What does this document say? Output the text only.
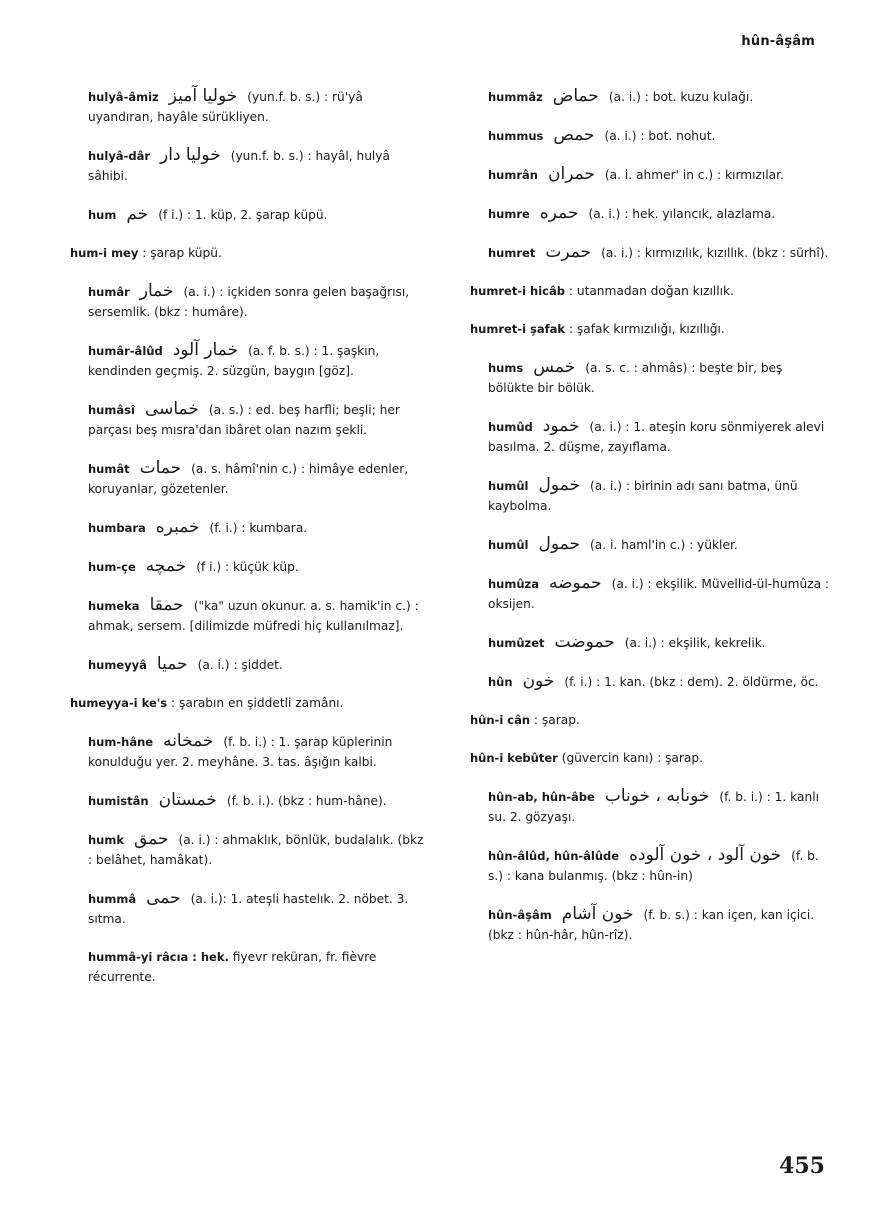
hûn-âşâm
hulyâ-âmiz خوليا آميز (yun.f. b. s.) : rü'yâ uyandıran, hayâle sürükliyen.
hulyâ-dâr خوليا دار (yun.f. b. s.) : hayâl, hulyâ sâhibi.
hum خم (f i.) : 1. küp, 2. şarap küpü.
hum-i mey : şarap küpü.
humâr خمار (a. i.) : içkiden sonra gelen başağrısı, sersemlik. (bkz : humâre).
humâr-âlûd خمار آلود (a. f. b. s.) : 1. şaşkın, kendinden geçmiş. 2. süzgün, baygın [göz].
humâsî خماسى (a. s.) : ed. beş harfli; beşli; her parçası beş mısra'dan ibâret olan nazım şekli.
humât حمات (a. s. hâmî'nin c.) : himâye edenler, koruyanlar, gözetenler.
humbara خمبره (f. i.) : kumbara.
hum-çe خمچه (f i.) : küçük küp.
humeka حمقا ("ka" uzun okunur. a. s. hamik'in c.) : ahmak, sersem. [dilimizde müfredi hiç kullanılmaz].
humeyyâ حميا (a. i.) : şiddet.
humeyya-i ke's : şarabın en şiddetli zamânı.
hum-hâne خمخانه (f. b. i.) : 1. şarap küplerinin konulduğu yer. 2. meyhâne. 3. tas. âşığın kalbi.
humistân خمستان (f. b. i.). (bkz : hum-hâne).
humk حمق (a. i.) : ahmaklık, bönlük, budalalık. (bkz : belâhet, hamâkat).
hummâ حمى (a. i.): 1. ateşli hastelık. 2. nöbet. 3. sıtma.
hummâ-yi râcıa : hek. fiyevr reküran, fr. fièvre récurrente.
hummâz حماض (a. i.) : bot. kuzu kulağı.
hummus حمص (a. i.) : bot. nohut.
humrân حمران (a. i. ahmer' in c.) : kırmızılar.
humre حمره (a. i.) : hek. yılancık, alazlama.
humret حمرت (a. i.) : kırmızılık, kızıllık. (bkz : sürhî).
humret-i hicâb : utanmadan doğan kızıllık.
humret-i şafak : şafak kırmızılığı, kızıllığı.
hums خمس (a. s. c. : ahmâs) : beşte bir, beş bölükte bir bölük.
humûd خمود (a. i.) : 1. ateşin koru sönmiyerek alevi basılma. 2. düşme, zayıflama.
humûl خمول (a. i.) : birinin adı sanı batma, ünü kaybolma.
humûl حمول (a. i. haml'in c.) : yükler.
humûza حموضه (a. i.) : ekşilik. Müvellid-ül-humûza : oksijen.
humûzet حموضت (a. i.) : ekşilik, kekrelik.
hûn خون (f. i.) : 1. kan. (bkz : dem). 2. öldürme, öc.
hûn-i cân : şarap.
hûn-i kebûter (güvercin kanı) : şarap.
hûn-ab, hûn-âbe خونابه ، خوناب (f. b. i.) : 1. kanlı su. 2. gözyaşı.
hûn-âlûd, hûn-âlûde خون آلود ، خون آلوده (f. b. s.) : kana bulanmış. (bkz : hûn-in)
hûn-âşâm خون آشام (f. b. s.) : kan içen, kan içici. (bkz : hûn-hâr, hûn-rîz).
455
